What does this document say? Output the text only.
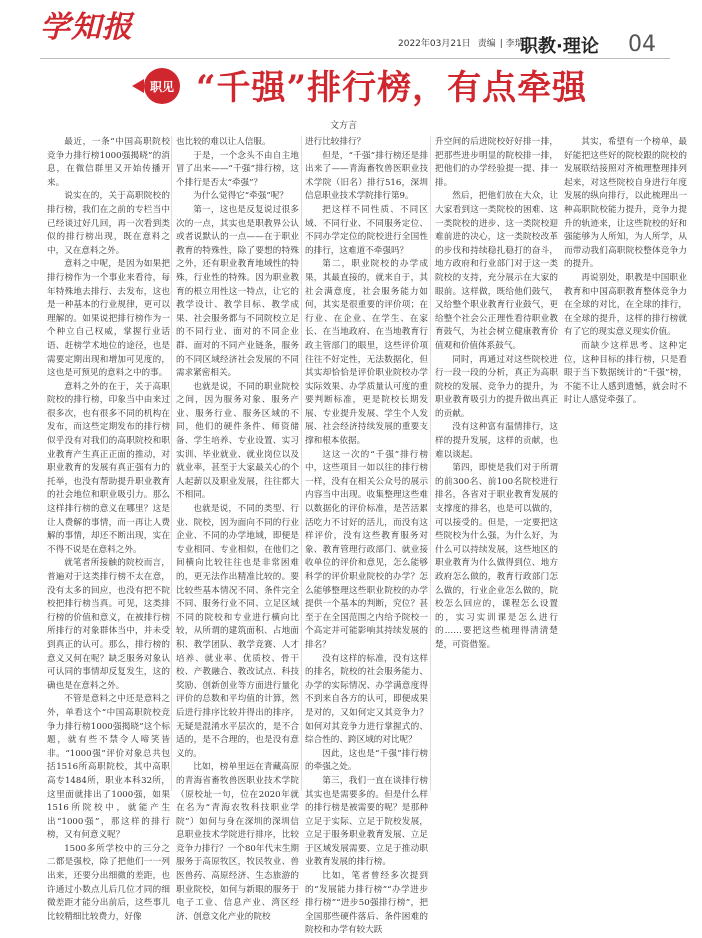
学知报	2022年03月21日 责编 | 李瑞
职教·理论 04
职见 “千强”排行榜，有点牵强
文方言

最近，一条“中国高职院校竞争力排行榜1000强揭晓”的消息，在微信群里又开始传播开来。

说实在的，关于高职院校的排行榜，我们在之前的专栏当中已经谈过好几回，再一次看到类似的排行榜出现，既在意料之中，又在意料之外。

意料之中呢，是因为如果把排行榜作为一个事业来看待，每年特殊地去排行、去发布，这也是一种基本的行业规律，更可以理解的。如果说把排行榜作为一个种立自己权威，掌握行业话语、赶榜学术地位的途径，也是需要定期出现和增加可见度的，这也是可预见的意料之中的事。

意料之外的在于，关于高职院校的排行榜，印象当中由来过很多次，也有很多不同的机构在发布，而这些定期发布的排行榜似乎没有对我们的高职院校和职业教育产生真正正面的推动，对职业教育的发展有真正强有力的托举，也没有帮助提升职业教育的社会地位和职业吸引力。那么这样排行榜的意义在哪里？这是让人费解的事情，而一再让人费解的事情，却还不断出现，实在不得不说是在意料之外。

就笔者所接触的院校而言，普遍对于这类排行榜不太在意，没有太多的回应，也没有把不院校把排行榜当真。可见，这类排行榜的价值和意义，在被排行榜所排行的对象群体当中，并未受到真正的认可。那么，排行榜的意义又何在呢？缺乏服务对象认可认同的事情却反复发生，这的确也是在意料之外。

不管是意料之中还是意料之外，单看这个“中国高职院校竞争力排行榜1000强揭晓”这个标题，就有些不禁令人啼笑皆非。“1000强”评价对象总共包括1516所高职院校，其中高职高专1484所，职业本科32所，这里面就排出了1000强，如果1516所院校中，就能产生出“1000强”，那这样的排行榜，又有何意义呢？

1500多所学校中的三分之二都是强校，除了把他们一一列出来，还要分出细微的差距，也许通过小数点儿后几位才同的细微差距才能分出前后，这些事儿比较精细比较费力，好像

也比较的难以让人信服。

于是，一个念头不由自主地冒了出来——“千强”排行榜，这个排行是否太“牵强”？

为什么觉得它“牵强”呢？

第一，这也是反复说过很多次的一点，其实也是职教界公认或者说默认的一点——在于职业教育的特殊性，除了要想的特殊之外，还有职业教育地域性的特殊，行业性的特殊。因为职业教育的根立用性这一特点，让它的教学设计、教学目标、教学成果、社会服务都与不同院校立足的不同行业、面对的不同企业群、面对的不同产业链条，服务的不同区域经济社会发展的不同需求紧密相关。

也就是说，不同的职业院校之间，因为服务对象、服务产业、服务行业、服务区域的不同，他们的硬件条件、师资储备、学生培养、专业设置、实习实训、毕业就业、就业岗位以及就业率，甚至于大家最关心的个人起薪以及职业发展，往往都大不相同。

也就是说，不同的类型、行业、院校，因为面向不同的行业企业、不同的办学地域，即便是专业相同、专业相似，在他们之间横向比较往往也是非常困难的，更无法作出精准比较的。要比较些基本情况不同、条件完全不同、服务行业不同、立足区域不同的院校和专业进行横向比较，从所谓的建筑面积、占地面积、教学团队、教学竞赛、人才培养、就业率、优质校、骨干校、产教融合、教改试点、科技奖励、创新创业等方面进行量化评价的总数和平均值的计算，然后进行排序比较并得出的排序，无疑是混淆水平层次的，是不合适的，是不合理的，也是没有意义的。

比如，榜单里远在青藏高原的青海省畜牧兽医职业技术学院（原校址一句，位在2020年就在名为“青海农牧科技职业学院”）如何与身在深圳的深圳信息职业技术学院进行排序，比较竞争力排行？一个80年代末生期服务于高原牧区，牧民牧业、兽医兽药、高原经济、生态旅游的职业院校，如何与新眼的服务于电子工业、信息产业、湾区经济、创意文化产业的院校

进行比较排行？

但是，“千强”排行榜还是排出来了——青海畜牧兽医职业技术学院（旧名）排行516，深圳信息职业技术学院排行第9。

把这样不同性质、不同区域、不同行业、不同服务定位、不同办学定位的院校进行全国性的排行，这难道不牵强吗？

第二，职业院校的办学成果，其最直接的，就来自于，其社会满意度，社会服务能力如何，其实是很重要的评价项；在行业、在企业、在学生、在家长、在当地政府、在当地教育行政主管部门的眼里，这些评价项往往不好定性，无法数据化，但其实却恰恰是评价职业院校办学实际效果、办学质量认可度的重要判断标准，更是院校长期发展、专业提升发展、学生个人发展、社会经济持续发展的重要支撑和根本依据。

这这一次的“千强”排行榜中，这些项目一如以往的排行榜一样，没有在相关公众号的展示内容当中出现。收集整理这些难以数据化的评价标准，是苦活累活吃力不讨好的活儿，而没有这样评价，没有这些教育服务对象、教育管理行政部门、就业接收单位的评价和意见，怎么能够科学的评价职业院校的办学？怎么能够整理这些职业院校的办学提供一个基本的判断，究位？甚至于在全国范围之内给予院校一个高定并可能影响其持续发展的排名？

没有这样的标准，没有这样的排名，院校的社会服务能力、办学的实际情况、办学满意度得不到来自各方的认可，即便成果是对的，又如何定又其竞争力？如何对其竞争力进行掌握式的、综合性的、跨区域的对比呢？

因此，这也是“千强”排行榜的牵强之处。

第三，我们一直在谈排行榜其实也是需要多的。但是什么样的排行榜是被需要的呢？是那种立足于实际、立足于院校发展，立足于服务职业教育发展、立足于区域发展需要、立足于推动职业教育发展的排行榜。

比如，笔者曾经多次提到的“发展能力排行榜”“办学进步排行榜”“进步50强排行榜”，把全国那些硬件落后、条件困难的院校和办学有较大跃

升空间的后进院校好好排一排，把那些进步明显的院校排一排，把他们的办学经验提一提、排一排。

然后，把他们放在大众，让大家看到这一类院校的困难、这一类院校的进步、这一类院校迎难前进的决心，这一类院校改革的步伐和持续稳扎稳打的奋斗，地方政府和行业部门对于这一类院校的支持，充分展示在大家的眼前。这样做，既给他们鼓气，又给整个职业教育行业鼓气，更给整个社会公正理性看待职业教育鼓气，为社会树立健康教育价值观和价值体系鼓气。

同时，再通过对这些院校进行一段一段的分析，真正为高职院校的发展、竞争力的提升，为职业教育吸引力的提升做出真正的贡献。

没有这种富有温情排行，这样的提升发展，这样的贡献，也难以谈起。

第四，即使是我们对于所谓的前300名、前100名院校进行排名，各省对于职业教育发展的支撑度的排名，也是可以做的，可以接受的。但是，一定要把这些院校为什么强，为什么好，为什么可以持续发展，这些地区的职业教育为什么做得到位、地方政府怎么做的，教育行政部门怎么做的，行业企业怎么做的，院校怎么回应的，课程怎么设置的，实习实训课是怎么进行的……要把这些梳理得清清楚楚，可资借鉴。

其实，希望有一个榜单，最好能把这些好的院校跟的院校的发展联结接照对齐梳理整理排列起来，对这些院校自身进行年度发展的纵向排行，以此梳理出一种高职院校能力提升，竞争力提升的轨迹来，让这些院校的好和强能够为人所知，为人所学，从而带动我们高职院校整体竞争力的提升。

再说别处，职教是中国职业教育和中国高职教育整体竞争力在全球的对比，在全球的排行，在全球的提升，这样的排行榜就有了它的现实意义现实价值。

而缺少这样思考、这种定位，这种目标的排行榜，只是看眼于当下数据统计的“千强”榜，不能不让人感到遗憾，就会时不时让人感觉牵强了。
